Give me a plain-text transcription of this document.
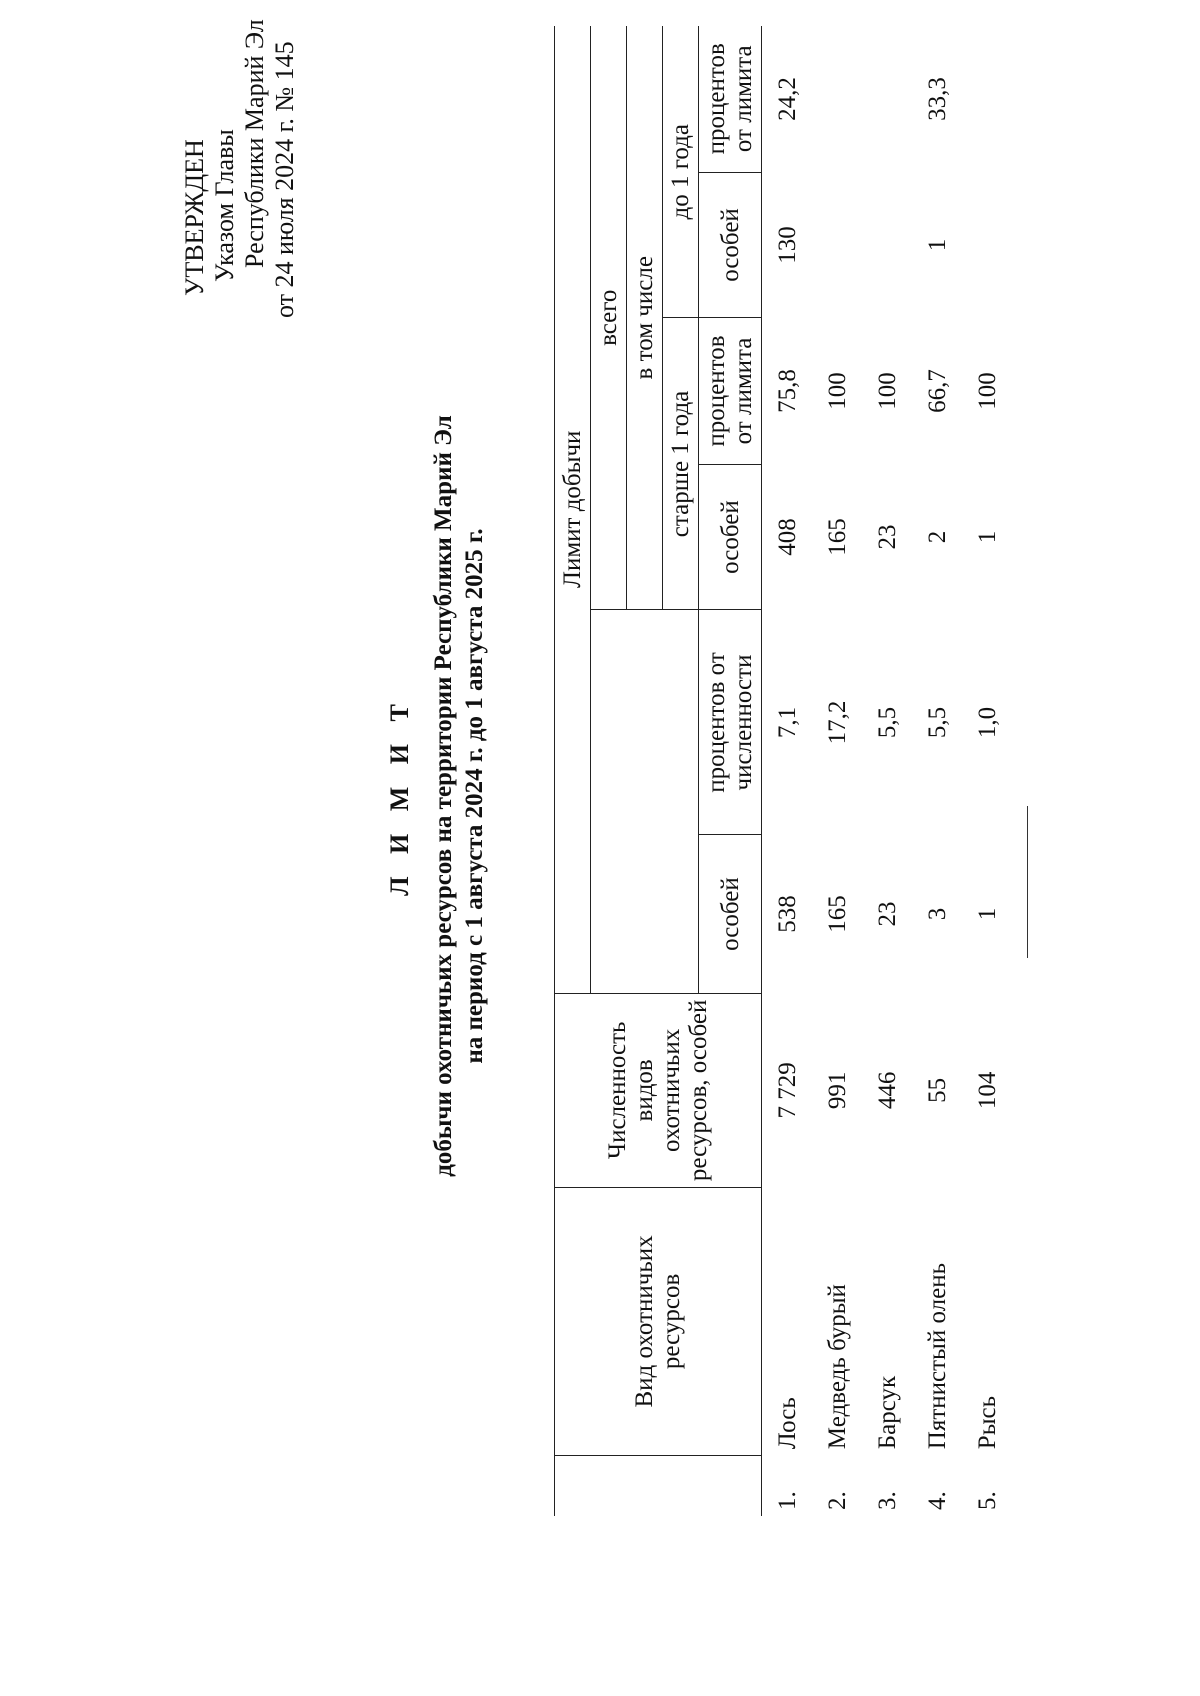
УТВЕРЖДЕН Указом Главы Республики Марий Эл от 24 июля 2024 г. № 145
Л И М И Т добычи охотничьих ресурсов на территории Республики Марий Эл на период с 1 августа 2024 г. до 1 августа 2025 г.
	Вид охотничьих ресурсов	Численность видов охотничьих ресурсов, особей	Лимит добычи					
					всего			
					в том числе			
					старше 1 года		до 1 года	
			особей	процентов от численности	особей	процентов от лимита	особей	процентов от лимита
1.	Лось	7 729	538	7,1	408	75,8	130	24,2
2.	Медведь бурый	991	165	17,2	165	100		
3.	Барсук	446	23	5,5	23	100		
4.	Пятнистый олень	55	3	5,5	2	66,7	1	33,3
5.	Рысь	104	1	1,0	1	100		
